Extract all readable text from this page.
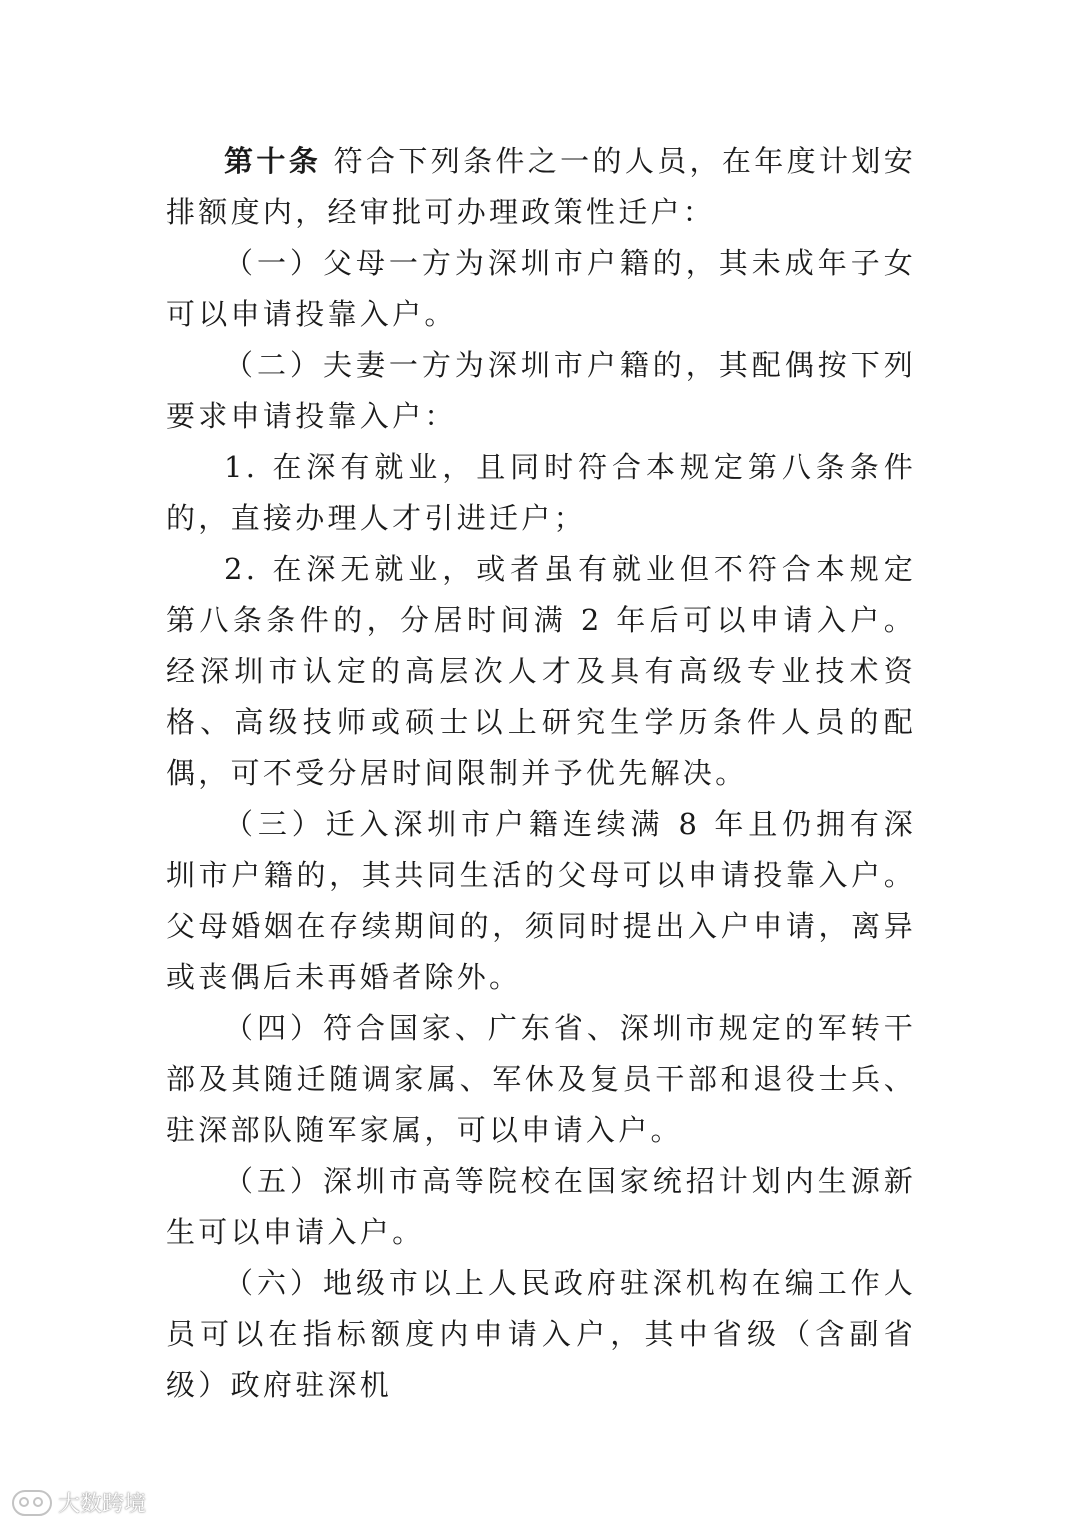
第十条 符合下列条件之一的人员，在年度计划安排额度内，经审批可办理政策性迁户：

（一）父母一方为深圳市户籍的，其未成年子女可以申请投靠入户。

（二）夫妻一方为深圳市户籍的，其配偶按下列要求申请投靠入户：

1. 在深有就业，且同时符合本规定第八条条件的，直接办理人才引进迁户；

2. 在深无就业，或者虽有就业但不符合本规定第八条条件的，分居时间满 2 年后可以申请入户。经深圳市认定的高层次人才及具有高级专业技术资格、高级技师或硕士以上研究生学历条件人员的配偶，可不受分居时间限制并予优先解决。

（三）迁入深圳市户籍连续满 8 年且仍拥有深圳市户籍的，其共同生活的父母可以申请投靠入户。父母婚姻在存续期间的，须同时提出入户申请，离异或丧偶后未再婚者除外。

（四）符合国家、广东省、深圳市规定的军转干部及其随迁随调家属、军休及复员干部和退役士兵、驻深部队随军家属，可以申请入户。

（五）深圳市高等院校在国家统招计划内生源新生可以申请入户。

（六）地级市以上人民政府驻深机构在编工作人员可以在指标额度内申请入户，其中省级（含副省级）政府驻深机

大数跨境
